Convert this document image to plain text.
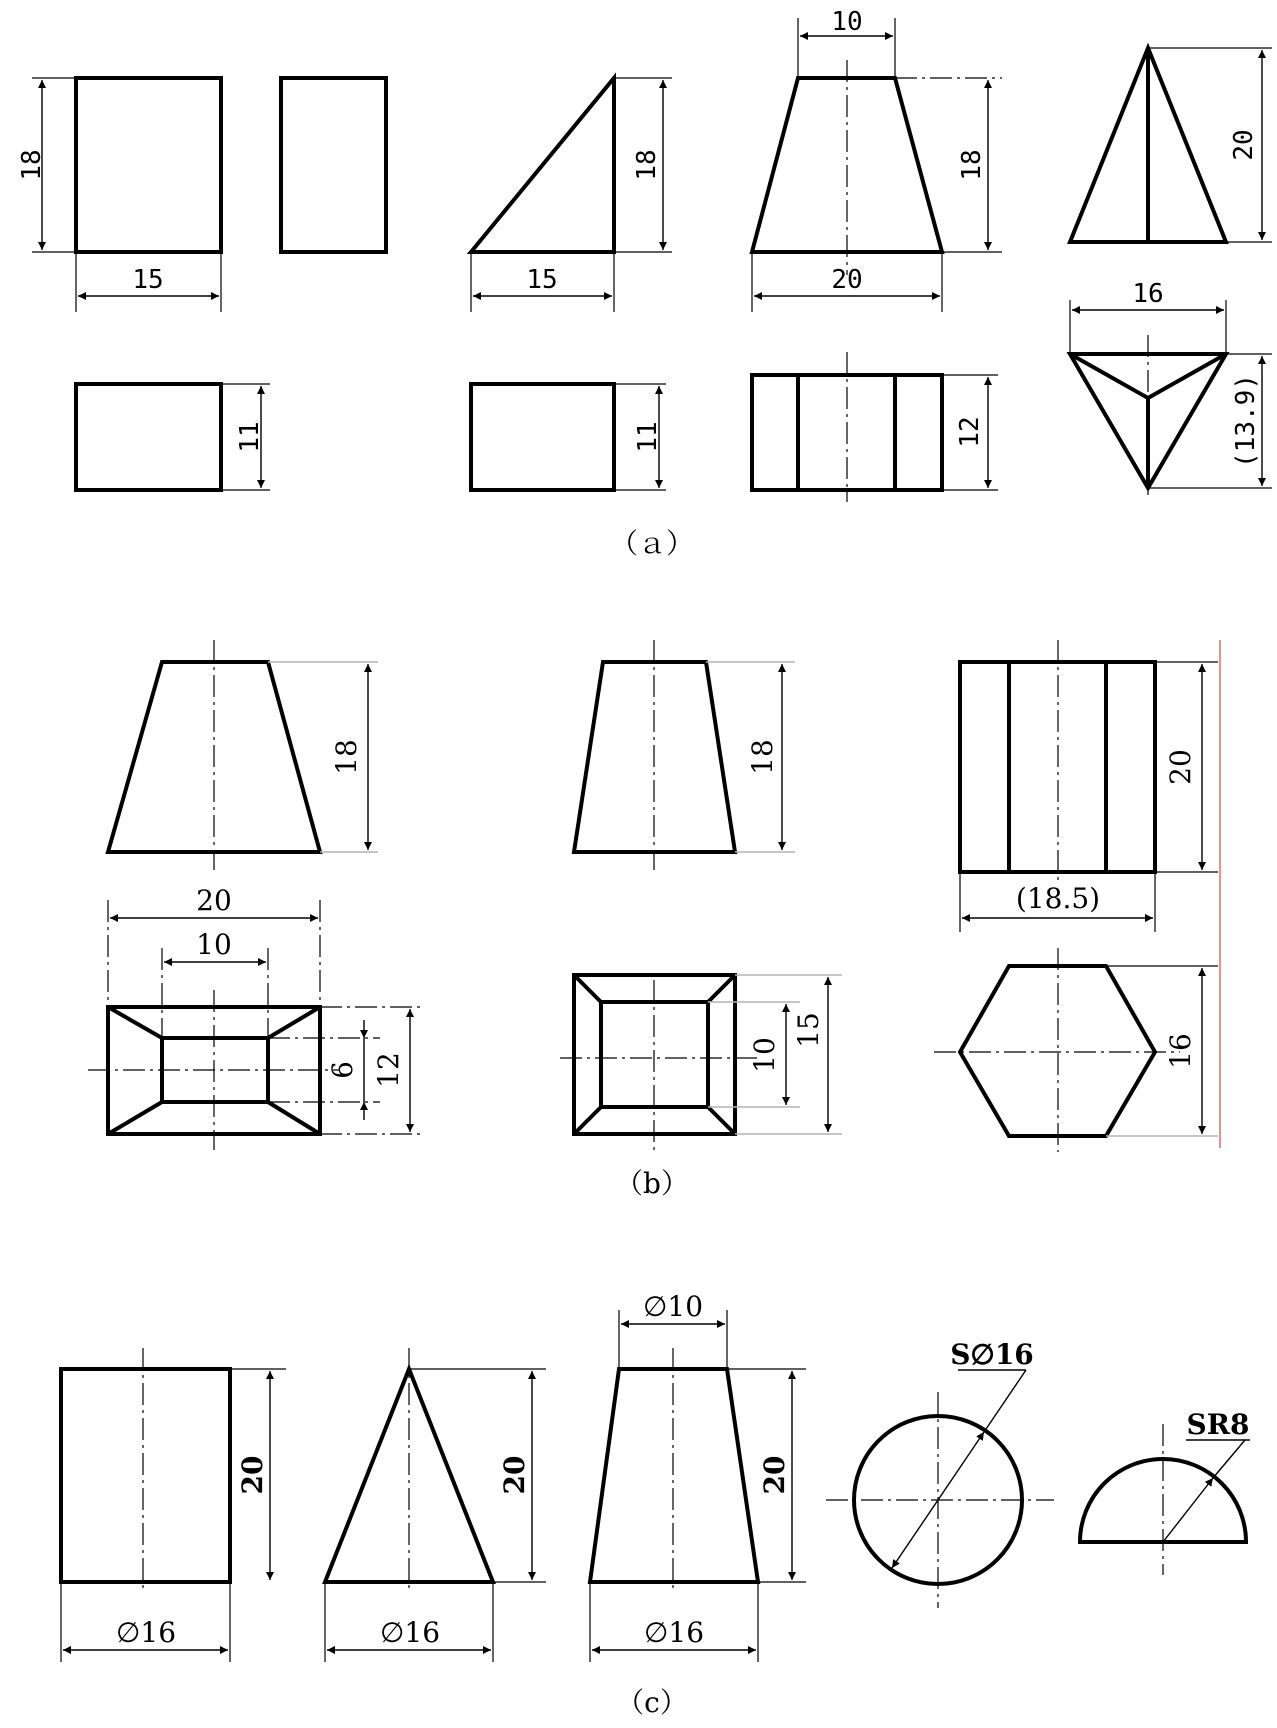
18
15
11
18
15
11
10
18
20
12
20
16
(13.9)
（ａ）
18
20
10
6 12
18
10
15
20
(18.5)
16
（b）
20
∅16
20
∅16
∅10
20
∅16
S∅16
SR8
（c）
